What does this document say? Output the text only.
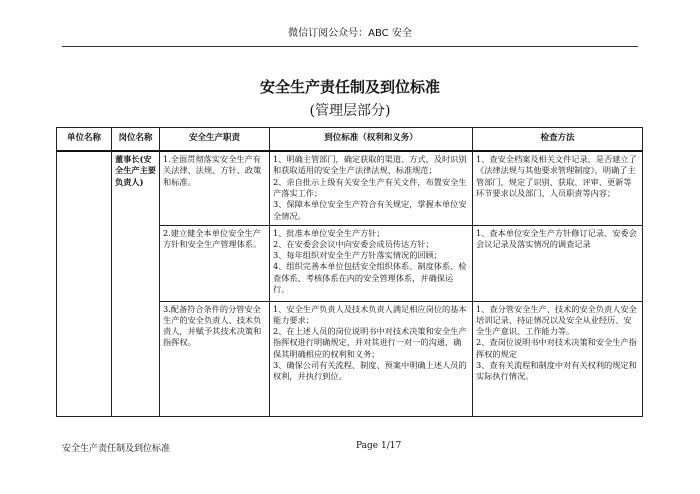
微信订阅公众号：ABC 安全
安全生产责任制及到位标准
(管理层部分)
单位名称	岗位名称	安全生产职责	到位标准（权利和义务）	检查方法
	董事长(安全生产主要负责人)	1.全面贯彻落实安全生产有关法律、法规、方针、政策和标准。	1、明确主管部门，确定获取的渠道、方式，及时识别和获取适用的安全生产法律法规、标准规范；
2、亲自批示上级有关安全生产有关文件，布置安全生产落实工作；
3、保障本单位安全生产符合有关规定，掌握本单位安全情况。	1、查安全档案及相关文件记录，是否建立了《法律法规与其他要求管理制度》，明确了主管部门，规定了识别、获取、评审、更新等环节要求以及部门、人员职责等内容；

		2.建立健全本单位安全生产方针和安全生产管理体系。	1、批准本单位安全生产方针；
2、在安委会会议中向安委会成员传达方针；
3、每年组织对安全生产方针落实情况的回顾；
4、组织完善本单位包括安全组织体系、制度体系、检查体系、考核体系在内的安全管理体系，并确保运行。	1、查本单位安全生产方针修订记录、安委会会议记录及落实情况的调查记录

		3.配备符合条件的分管安全生产的安全负责人、技术负责人，并赋予其技术决策和指挥权。	1、安全生产负责人及技术负责人满足相应岗位的基本能力要求；
2、在上述人员的岗位说明书中对技术决策和安全生产指挥权进行明确规定，并对其进行一对一的沟通，确保其明确相应的权利和义务；
3、确保公司有关流程、制度、预案中明确上述人员的权利，并执行到位。	1、查分管安全生产、技术的安全负责人安全培训记录、持证情况以及安全从业经历、安全生产意识、工作能力等。
2、查岗位说明书中对技术决策和安全生产指挥权的规定
3、查有关流程和制度中对有关权利的规定和实际执行情况。
安全生产责任制及到位标准	Page 1/17
